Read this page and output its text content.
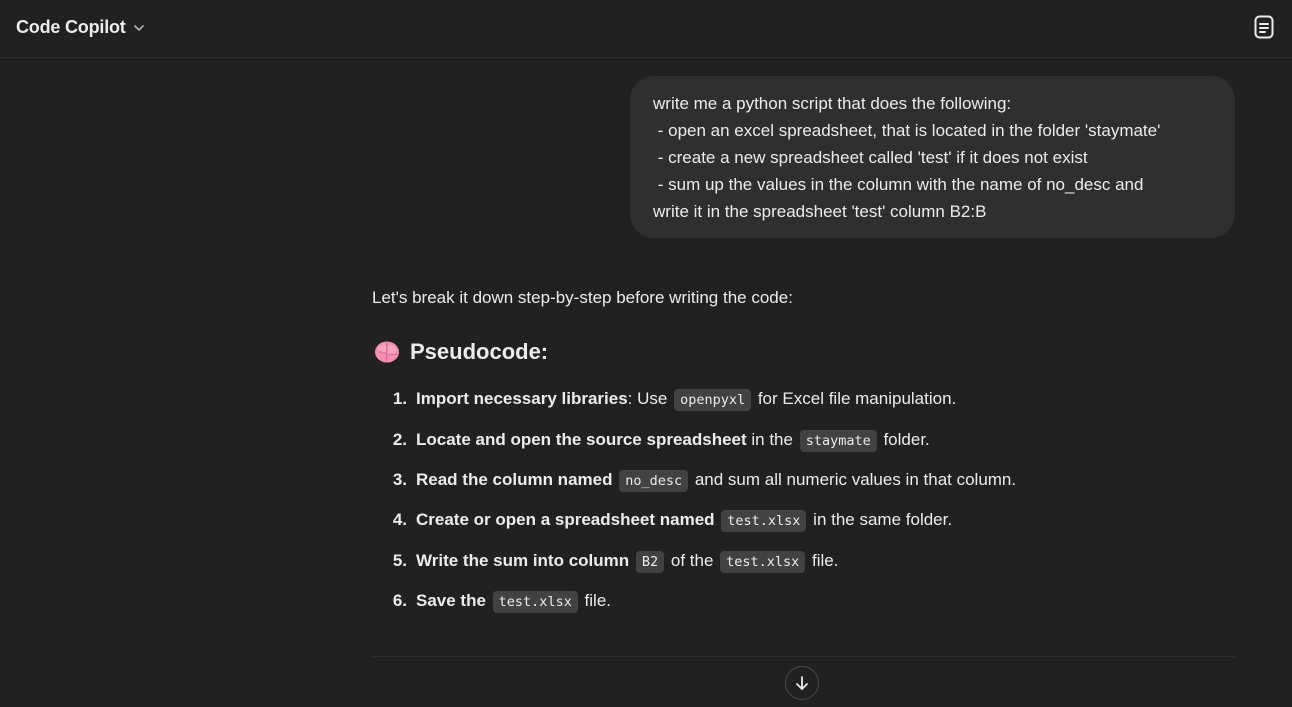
Code Copilot
write me a python script that does the following:
- open an excel spreadsheet, that is located in the folder 'staymate'
- create a new spreadsheet called 'test' if it does not exist
- sum up the values in the column with the name of no_desc and
write it in the spreadsheet 'test' column B2:B

Let's break it down step-by-step before writing the code:

Pseudocode:
1. Import necessary libraries: Use openpyxl for Excel file manipulation.
2. Locate and open the source spreadsheet in the staymate folder.
3. Read the column named no_desc and sum all numeric values in that column.
4. Create or open a spreadsheet named test.xlsx in the same folder.
5. Write the sum into column B2 of the test.xlsx file.
6. Save the test.xlsx file.
